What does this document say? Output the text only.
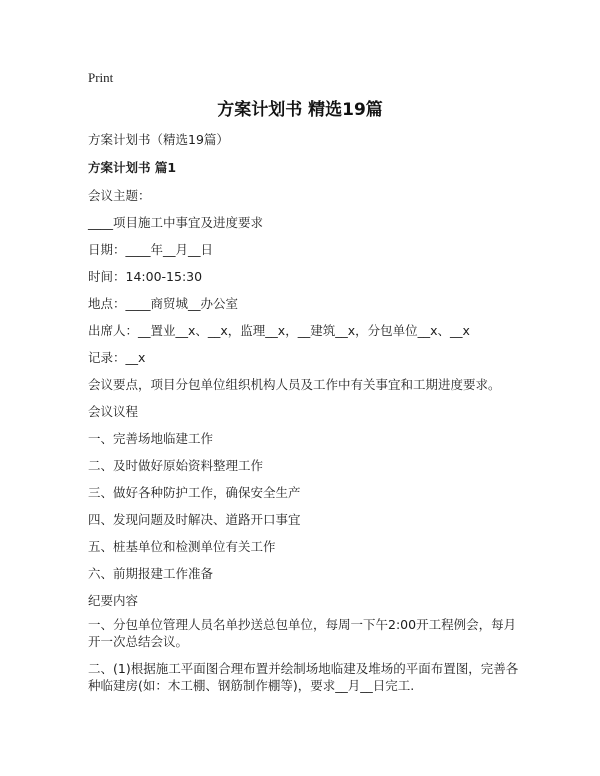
Print
方案计划书 精选19篇
方案计划书（精选19篇）
方案计划书 篇1
会议主题：
____项目施工中事宜及进度要求
日期：____年__月__日
时间：14:00-15:30
地点：____商贸城__办公室
出席人：__置业__x、__x，监理__x，__建筑__x，分包单位__x、__x
记录：__x
会议要点，项目分包单位组织机构人员及工作中有关事宜和工期进度要求。
会议议程
一、完善场地临建工作
二、及时做好原始资料整理工作
三、做好各种防护工作，确保安全生产
四、发现问题及时解决、道路开口事宜
五、桩基单位和检测单位有关工作
六、前期报建工作准备
纪要内容
一、分包单位管理人员名单抄送总包单位，每周一下午2:00开工程例会，每月开一次总结会议。
二、(1)根据施工平面图合理布置并绘制场地临建及堆场的平面布置图，完善各种临建房(如：木工棚、钢筋制作棚等)，要求__月__日完工.
